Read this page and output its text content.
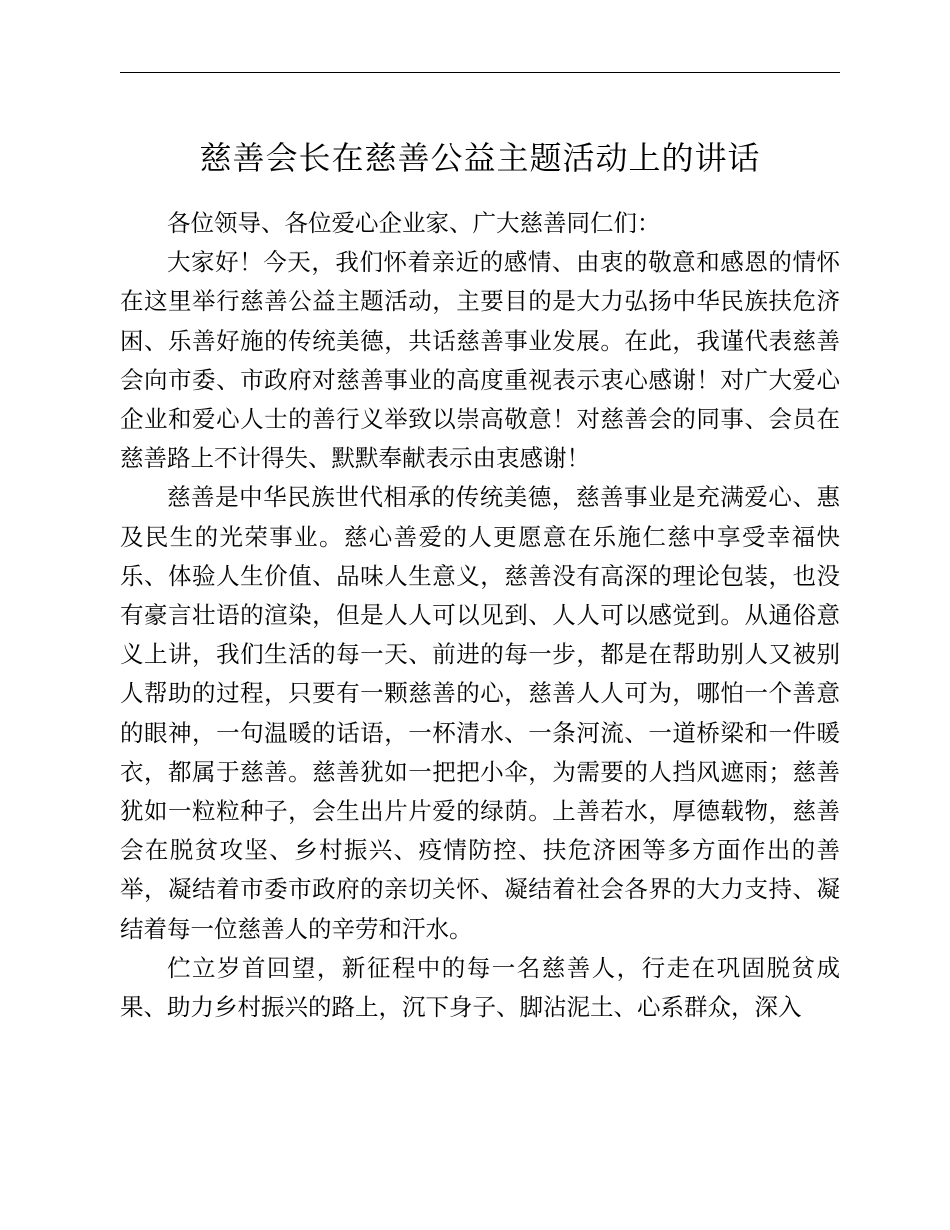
慈善会长在慈善公益主题活动上的讲话

各位领导、各位爱心企业家、广大慈善同仁们：

大家好！今天，我们怀着亲近的感情、由衷的敬意和感恩的情怀在这里举行慈善公益主题活动，主要目的是大力弘扬中华民族扶危济困、乐善好施的传统美德，共话慈善事业发展。在此，我谨代表慈善会向市委、市政府对慈善事业的高度重视表示衷心感谢！对广大爱心企业和爱心人士的善行义举致以崇高敬意！对慈善会的同事、会员在慈善路上不计得失、默默奉献表示由衷感谢！

慈善是中华民族世代相承的传统美德，慈善事业是充满爱心、惠及民生的光荣事业。慈心善爱的人更愿意在乐施仁慈中享受幸福快乐、体验人生价值、品味人生意义，慈善没有高深的理论包装，也没有豪言壮语的渲染，但是人人可以见到、人人可以感觉到。从通俗意义上讲，我们生活的每一天、前进的每一步，都是在帮助别人又被别人帮助的过程，只要有一颗慈善的心，慈善人人可为，哪怕一个善意的眼神，一句温暖的话语，一杯清水、一条河流、一道桥梁和一件暖衣，都属于慈善。慈善犹如一把把小伞，为需要的人挡风遮雨；慈善犹如一粒粒种子，会生出片片爱的绿荫。上善若水，厚德载物，慈善会在脱贫攻坚、乡村振兴、疫情防控、扶危济困等多方面作出的善举，凝结着市委市政府的亲切关怀、凝结着社会各界的大力支持、凝结着每一位慈善人的辛劳和汗水。

伫立岁首回望，新征程中的每一名慈善人，行走在巩固脱贫成果、助力乡村振兴的路上，沉下身子、脚沾泥土、心系群众，深入
